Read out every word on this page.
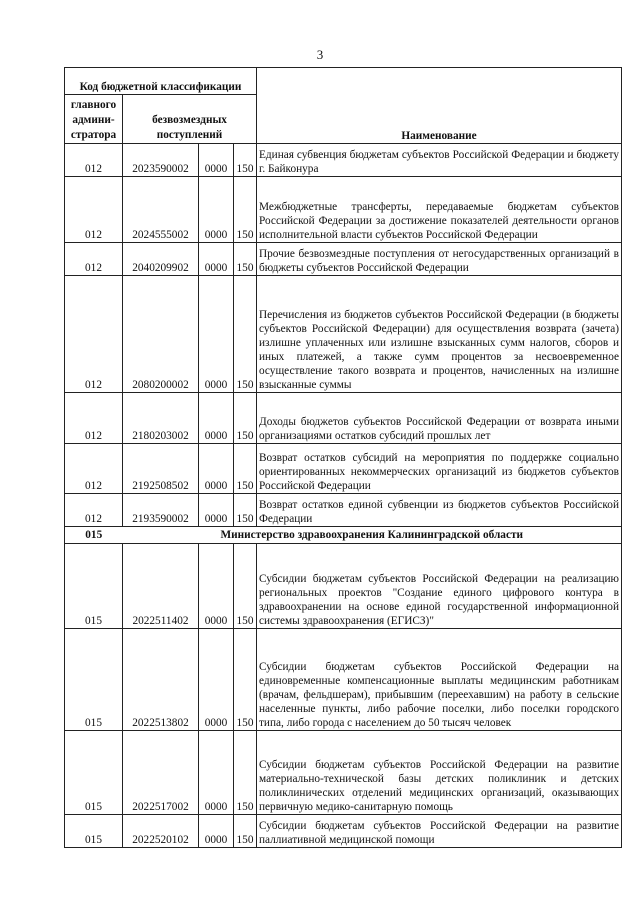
3
Код бюджетной классификации				Наименование
главного админи-стратора	безвозмездных поступлений			
012	2023590002	0000	150	Единая субвенция бюджетам субъектов Российской Федерации и бюджету г. Байконура
012	2024555002	0000	150	Межбюджетные трансферты, передаваемые бюджетам субъектов Российской Федерации за достижение показателей деятельности органов исполнительной власти субъектов Российской Федерации
012	2040209902	0000	150	Прочие безвозмездные поступления от негосударственных организаций в бюджеты субъектов Российской Федерации
012	2080200002	0000	150	Перечисления из бюджетов субъектов Российской Федерации (в бюджеты субъектов Российской Федерации) для осуществления возврата (зачета) излишне уплаченных или излишне взысканных сумм налогов, сборов и иных платежей, а также сумм процентов за несвоевременное осуществление такого возврата и процентов, начисленных на излишне взысканные суммы
012	2180203002	0000	150	Доходы бюджетов субъектов Российской Федерации от возврата иными организациями остатков субсидий прошлых лет
012	2192508502	0000	150	Возврат остатков субсидий на мероприятия по поддержке социально ориентированных некоммерческих организаций из бюджетов субъектов Российской Федерации
012	2193590002	0000	150	Возврат остатков единой субвенции из бюджетов субъектов Российской Федерации
015	Министерство здравоохранения Калининградской области			
015	2022511402	0000	150	Субсидии бюджетам субъектов Российской Федерации на реализацию региональных проектов "Создание единого цифрового контура в здравоохранении на основе единой государственной информационной системы здравоохранения (ЕГИСЗ)"
015	2022513802	0000	150	Субсидии бюджетам субъектов Российской Федерации на единовременные компенсационные выплаты медицинским работникам (врачам, фельдшерам), прибывшим (переехавшим) на работу в сельские населенные пункты, либо рабочие поселки, либо поселки городского типа, либо города с населением до 50 тысяч человек
015	2022517002	0000	150	Субсидии бюджетам субъектов Российской Федерации на развитие материально-технической базы детских поликлиник и детских поликлинических отделений медицинских организаций, оказывающих первичную медико-санитарную помощь
015	2022520102	0000	150	Субсидии бюджетам субъектов Российской Федерации на развитие паллиативной медицинской помощи
